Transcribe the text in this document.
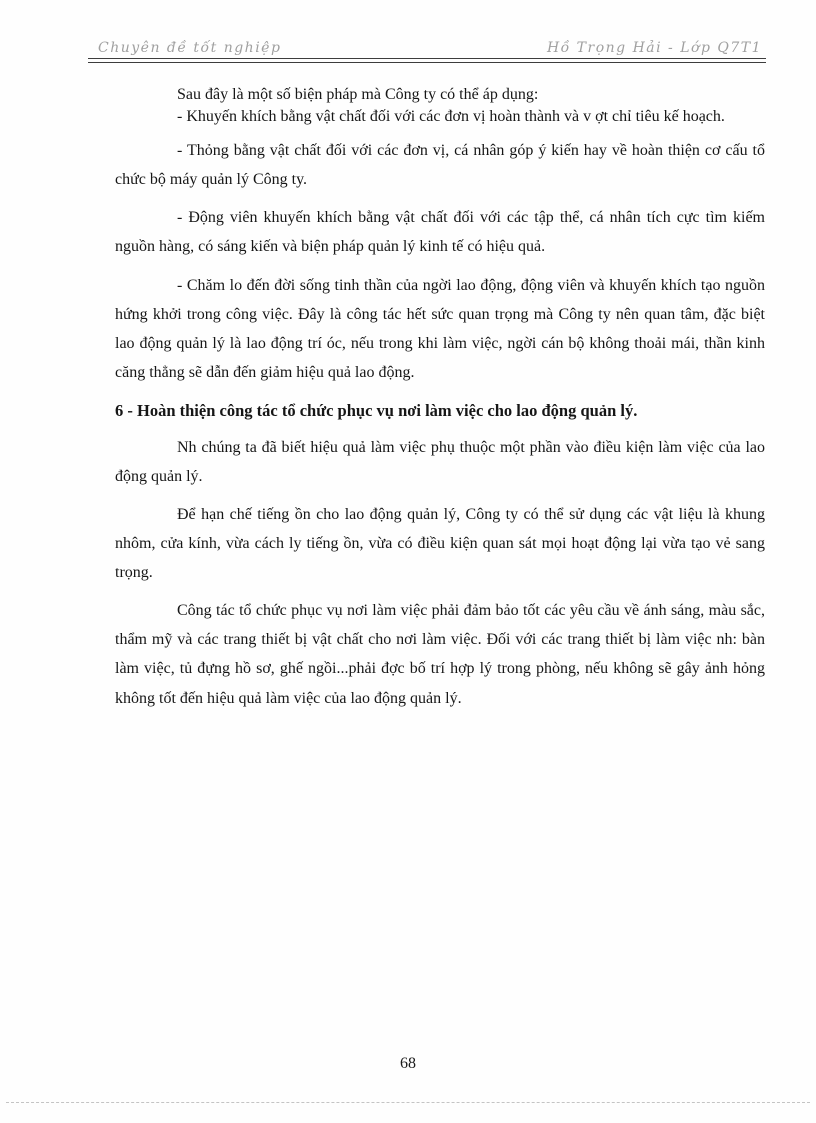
Chuyên đề tốt nghiệp	Hồ Trọng Hải - Lớp Q7T1

Sau đây là một số biện pháp mà Công ty có thể áp dụng:

- Khuyến khích bằng vật chất đối với các đơn vị hoàn thành và v ợt chỉ tiêu kế hoạch.

- Thỏng bằng vật chất đối với các đơn vị, cá nhân góp ý kiến hay về hoàn thiện cơ cấu tổ chức bộ máy quản lý Công ty.

- Động viên khuyến khích bằng vật chất đối với các tập thể, cá nhân tích cực tìm kiếm nguồn hàng, có sáng kiến và biện pháp quản lý kinh tế có hiệu quả.

- Chăm lo đến đời sống tinh thần của ngời lao động, động viên và khuyến khích tạo nguồn hứng khởi trong công việc. Đây là công tác hết sức quan trọng mà Công ty nên quan tâm, đặc biệt lao động quản lý là lao động trí óc, nếu trong khi làm việc, ngời cán bộ không thoải mái, thần kinh căng thẳng sẽ dẫn đến giảm hiệu quả lao động.

6 - Hoàn thiện công tác tổ chức phục vụ nơi làm việc cho lao động quản lý.

Nh chúng ta đã biết hiệu quả làm việc phụ thuộc một phần vào điều kiện làm việc của lao động quản lý.

Để hạn chế tiếng ồn cho lao động quản lý, Công ty có thể sử dụng các vật liệu là khung nhôm, cửa kính, vừa cách ly tiếng ồn, vừa có điều kiện quan sát mọi hoạt động lại vừa tạo vẻ sang trọng.

Công tác tổ chức phục vụ nơi làm việc phải đảm bảo tốt các yêu cầu về ánh sáng, màu sắc, thẩm mỹ và các trang thiết bị vật chất cho nơi làm việc. Đối với các trang thiết bị làm việc nh: bàn làm việc, tủ đựng hồ sơ, ghế ngồi...phải đợc bố trí hợp lý trong phòng, nếu không sẽ gây ảnh hỏng không tốt đến hiệu quả làm việc của lao động quản lý.

68
